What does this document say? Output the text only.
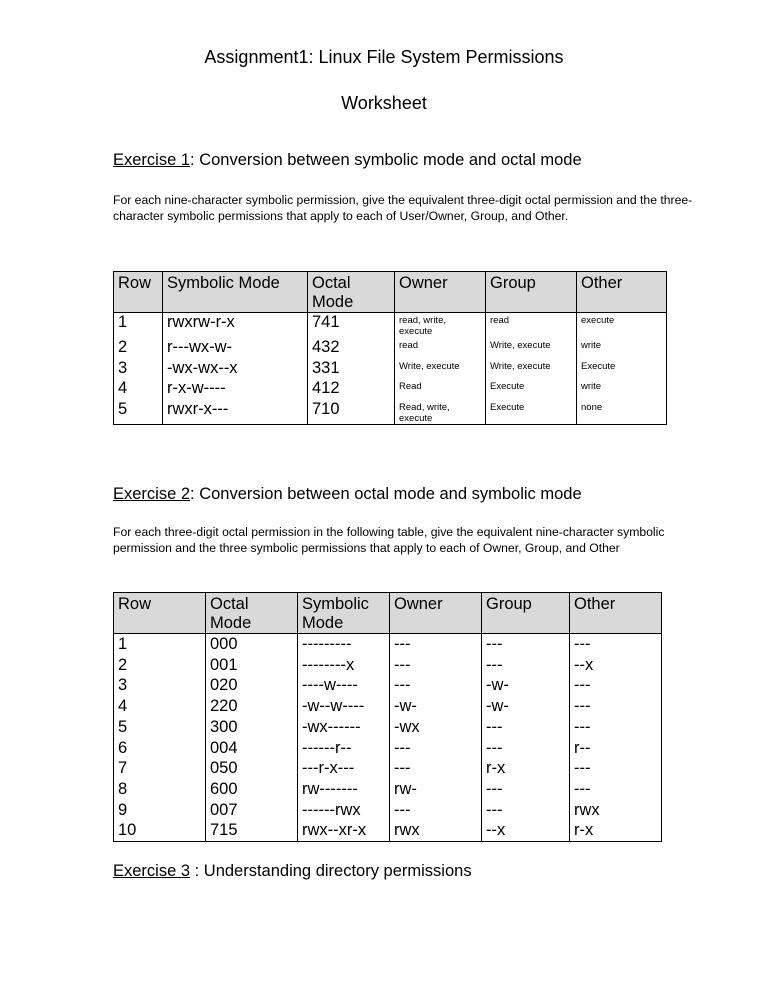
Assignment1: Linux File System Permissions
Worksheet
Exercise 1: Conversion between symbolic mode and octal mode
For each nine-character symbolic permission, give the equivalent three-digit octal permission and the three-character symbolic permissions that apply to each of User/Owner, Group, and Other.
Row	Symbolic Mode	Octal Mode	Owner	Group	Other
1	rwxrw-r-x	741	read, write, execute	read	execute
2	r---wx-w-	432	read	Write, execute	write
3	-wx-wx--x	331	Write, execute	Write, execute	Execute
4	r-x-w----	412	Read	Execute	write
5	rwxr-x---	710	Read, write, execute	Execute	none
Exercise 2: Conversion between octal mode and symbolic mode
For each three-digit octal permission in the following table, give the equivalent nine-character symbolic permission and the three symbolic permissions that apply to each of Owner, Group, and Other
Row	Octal Mode	Symbolic Mode	Owner	Group	Other
1	000	---------	---	---	---
2	001	--------x	---	---	--x
3	020	----w----	---	-w-	---
4	220	-w--w----	-w-	-w-	---
5	300	-wx------	-wx	---	---
6	004	------r--	---	---	r--
7	050	---r-x---	---	r-x	---
8	600	rw-------	rw-	---	---
9	007	------rwx	---	---	rwx
10	715	rwx--xr-x	rwx	--x	r-x
Exercise 3 : Understanding directory permissions
